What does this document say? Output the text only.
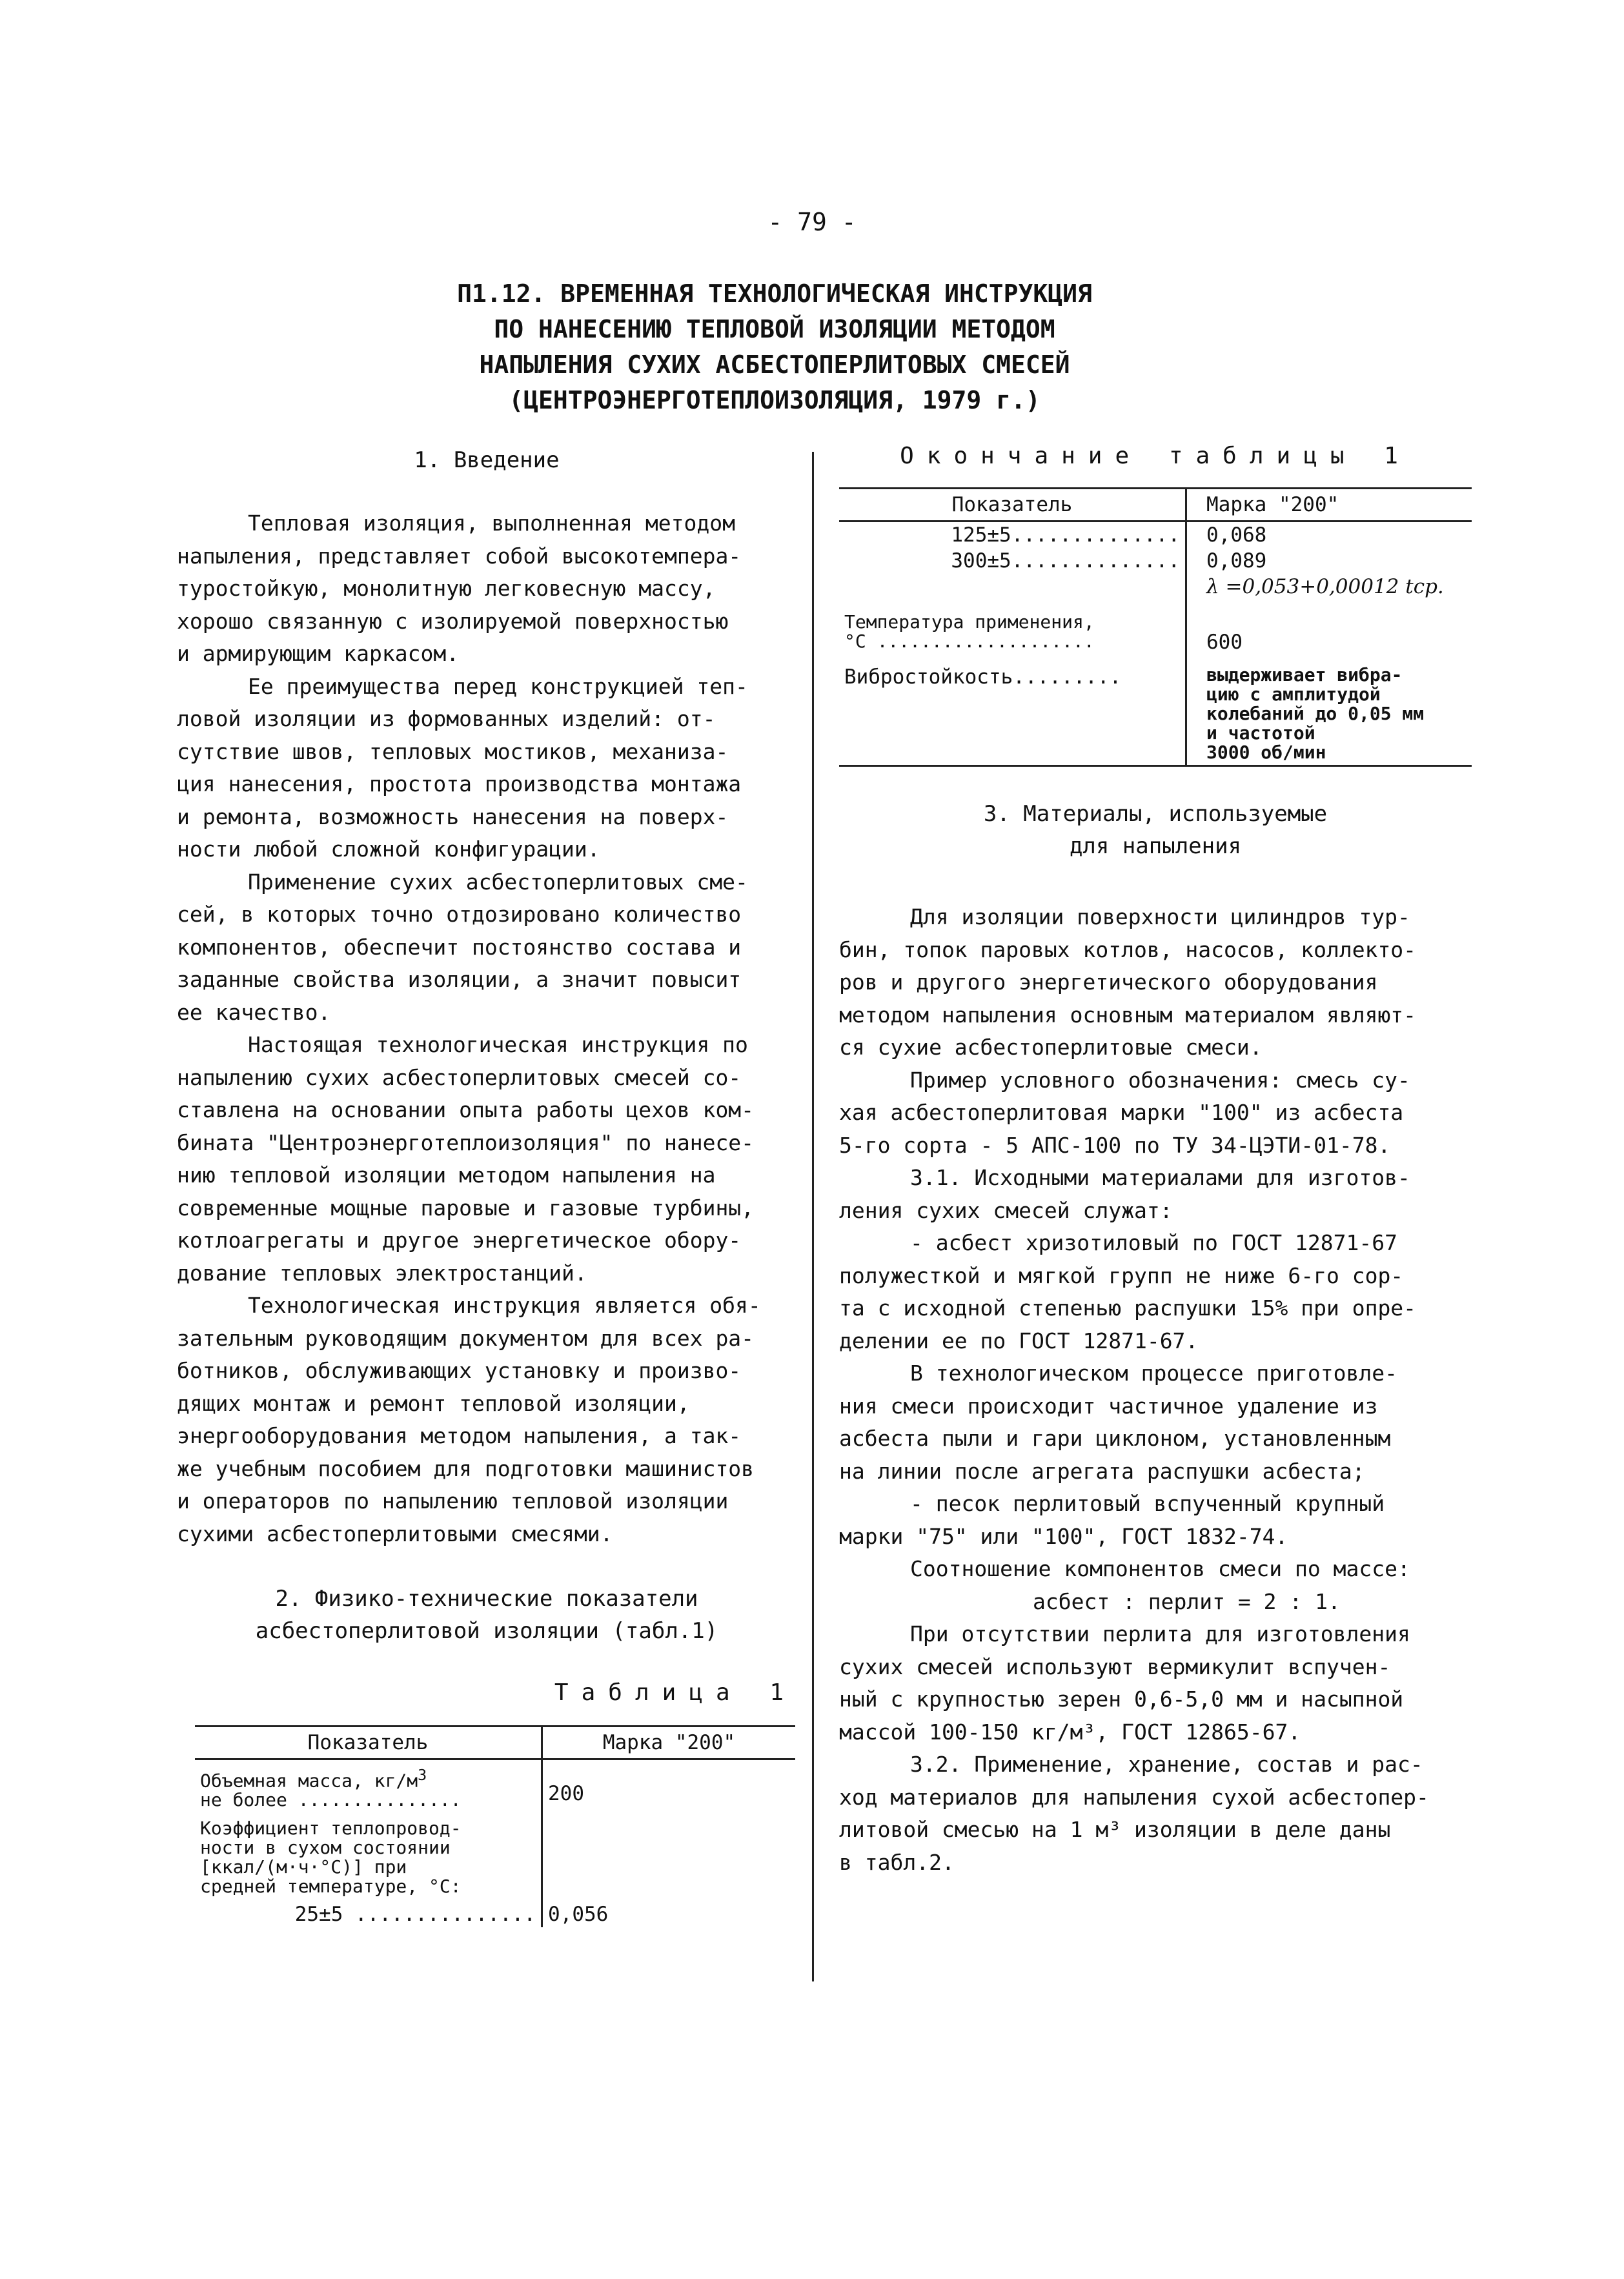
- 79 -
П1.12. ВРЕМЕННАЯ ТЕХНОЛОГИЧЕСКАЯ ИНСТРУКЦИЯ
ПО НАНЕСЕНИЮ ТЕПЛОВОЙ ИЗОЛЯЦИИ МЕТОДОМ
НАПЫЛЕНИЯ СУХИХ АСБЕСТОПЕРЛИТОВЫХ СМЕСЕЙ
(ЦЕНТРОЭНЕРГОТЕПЛОИЗОЛЯЦИЯ, 1979 г.)
1. Введение

Тепловая изоляция, выполненная методом
напыления, представляет собой высокотемпера-
туростойкую, монолитную легковесную массу,
хорошо связанную с изолируемой поверхностью
и армирующим каркасом.

Ее преимущества перед конструкцией теп-
ловой изоляции из формованных изделий: от-
сутствие швов, тепловых мостиков, механиза-
ция нанесения, простота производства монтажа
и ремонта, возможность нанесения на поверх-
ности любой сложной конфигурации.

Применение сухих асбестоперлитовых сме-
сей, в которых точно отдозировано количество
компонентов, обеспечит постоянство состава и
заданные свойства изоляции, а значит повысит
ее качество.

Настоящая технологическая инструкция по
напылению сухих асбестоперлитовых смесей со-
ставлена на основании опыта работы цехов ком-
бината "Центроэнерготеплоизоляция" по нанесе-
нию тепловой изоляции методом напыления на
современные мощные паровые и газовые турбины,
котлоагрегаты и другое энергетическое обору-
дование тепловых электростанций.

Технологическая инструкция является обя-
зательным руководящим документом для всех ра-
ботников, обслуживающих установку и произво-
дящих монтаж и ремонт тепловой изоляции,
энергооборудования методом напыления, а так-
же учебным пособием для подготовки машинистов
и операторов по напылению тепловой изоляции
сухими асбестоперлитовыми смесями.

2. Физико-технические показатели
асбестоперлитовой изоляции (табл.1)
Таблица 1
Показатель	Марка "200"

Объемная масса, $кг/м^3$
не более ...............	200

Коэффициент теплопровод-
ности в сухом состоянии
[ккал/(м·ч·°С)] при
средней температуре, °С:	

25±5 ...............	0,056
Окончание таблицы 1
Показатель	Марка "200"
125±5..............	0,068
300±5..............	0,089
	λ =0,053+0,00012 tср.

Температура применения,
°С ....................	600
Вибростойкость.........	выдерживает вибра-
цию с амплитудой
колебаний до 0,05 мм
и частотой
3000 об/мин
3. Материалы, используемые
для напыления

Для изоляции поверхности цилиндров тур-
бин, топок паровых котлов, насосов, коллекто-
ров и другого энергетического оборудования
методом напыления основным материалом являют-
ся сухие асбестоперлитовые смеси.

Пример условного обозначения: смесь су-
хая асбестоперлитовая марки "100" из асбеста
5-го сорта - 5 АПС-100 по ТУ 34-ЦЭТИ-01-78.

3.1. Исходными материалами для изготов-
ления сухих смесей служат:

- асбест хризотиловый по ГОСТ 12871-67
полужесткой и мягкой групп не ниже 6-го сор-
та с исходной степенью распушки 15% при опре-
делении ее по ГОСТ 12871-67.

В технологическом процессе приготовле-
ния смеси происходит частичное удаление из
асбеста пыли и гари циклоном, установленным
на линии после агрегата распушки асбеста;

- песок перлитовый вспученный крупный
марки "75" или "100", ГОСТ 1832-74.

Соотношение компонентов смеси по массе:
асбест : перлит = 2 : 1.

При отсутствии перлита для изготовления
сухих смесей используют вермикулит вспучен-
ный с крупностью зерен 0,6-5,0 мм и насыпной
массой 100-150 кг/м³, ГОСТ 12865-67.

3.2. Применение, хранение, состав и рас-
ход материалов для напыления сухой асбестопер-
литовой смесью на 1 м³ изоляции в деле даны
в табл.2.
